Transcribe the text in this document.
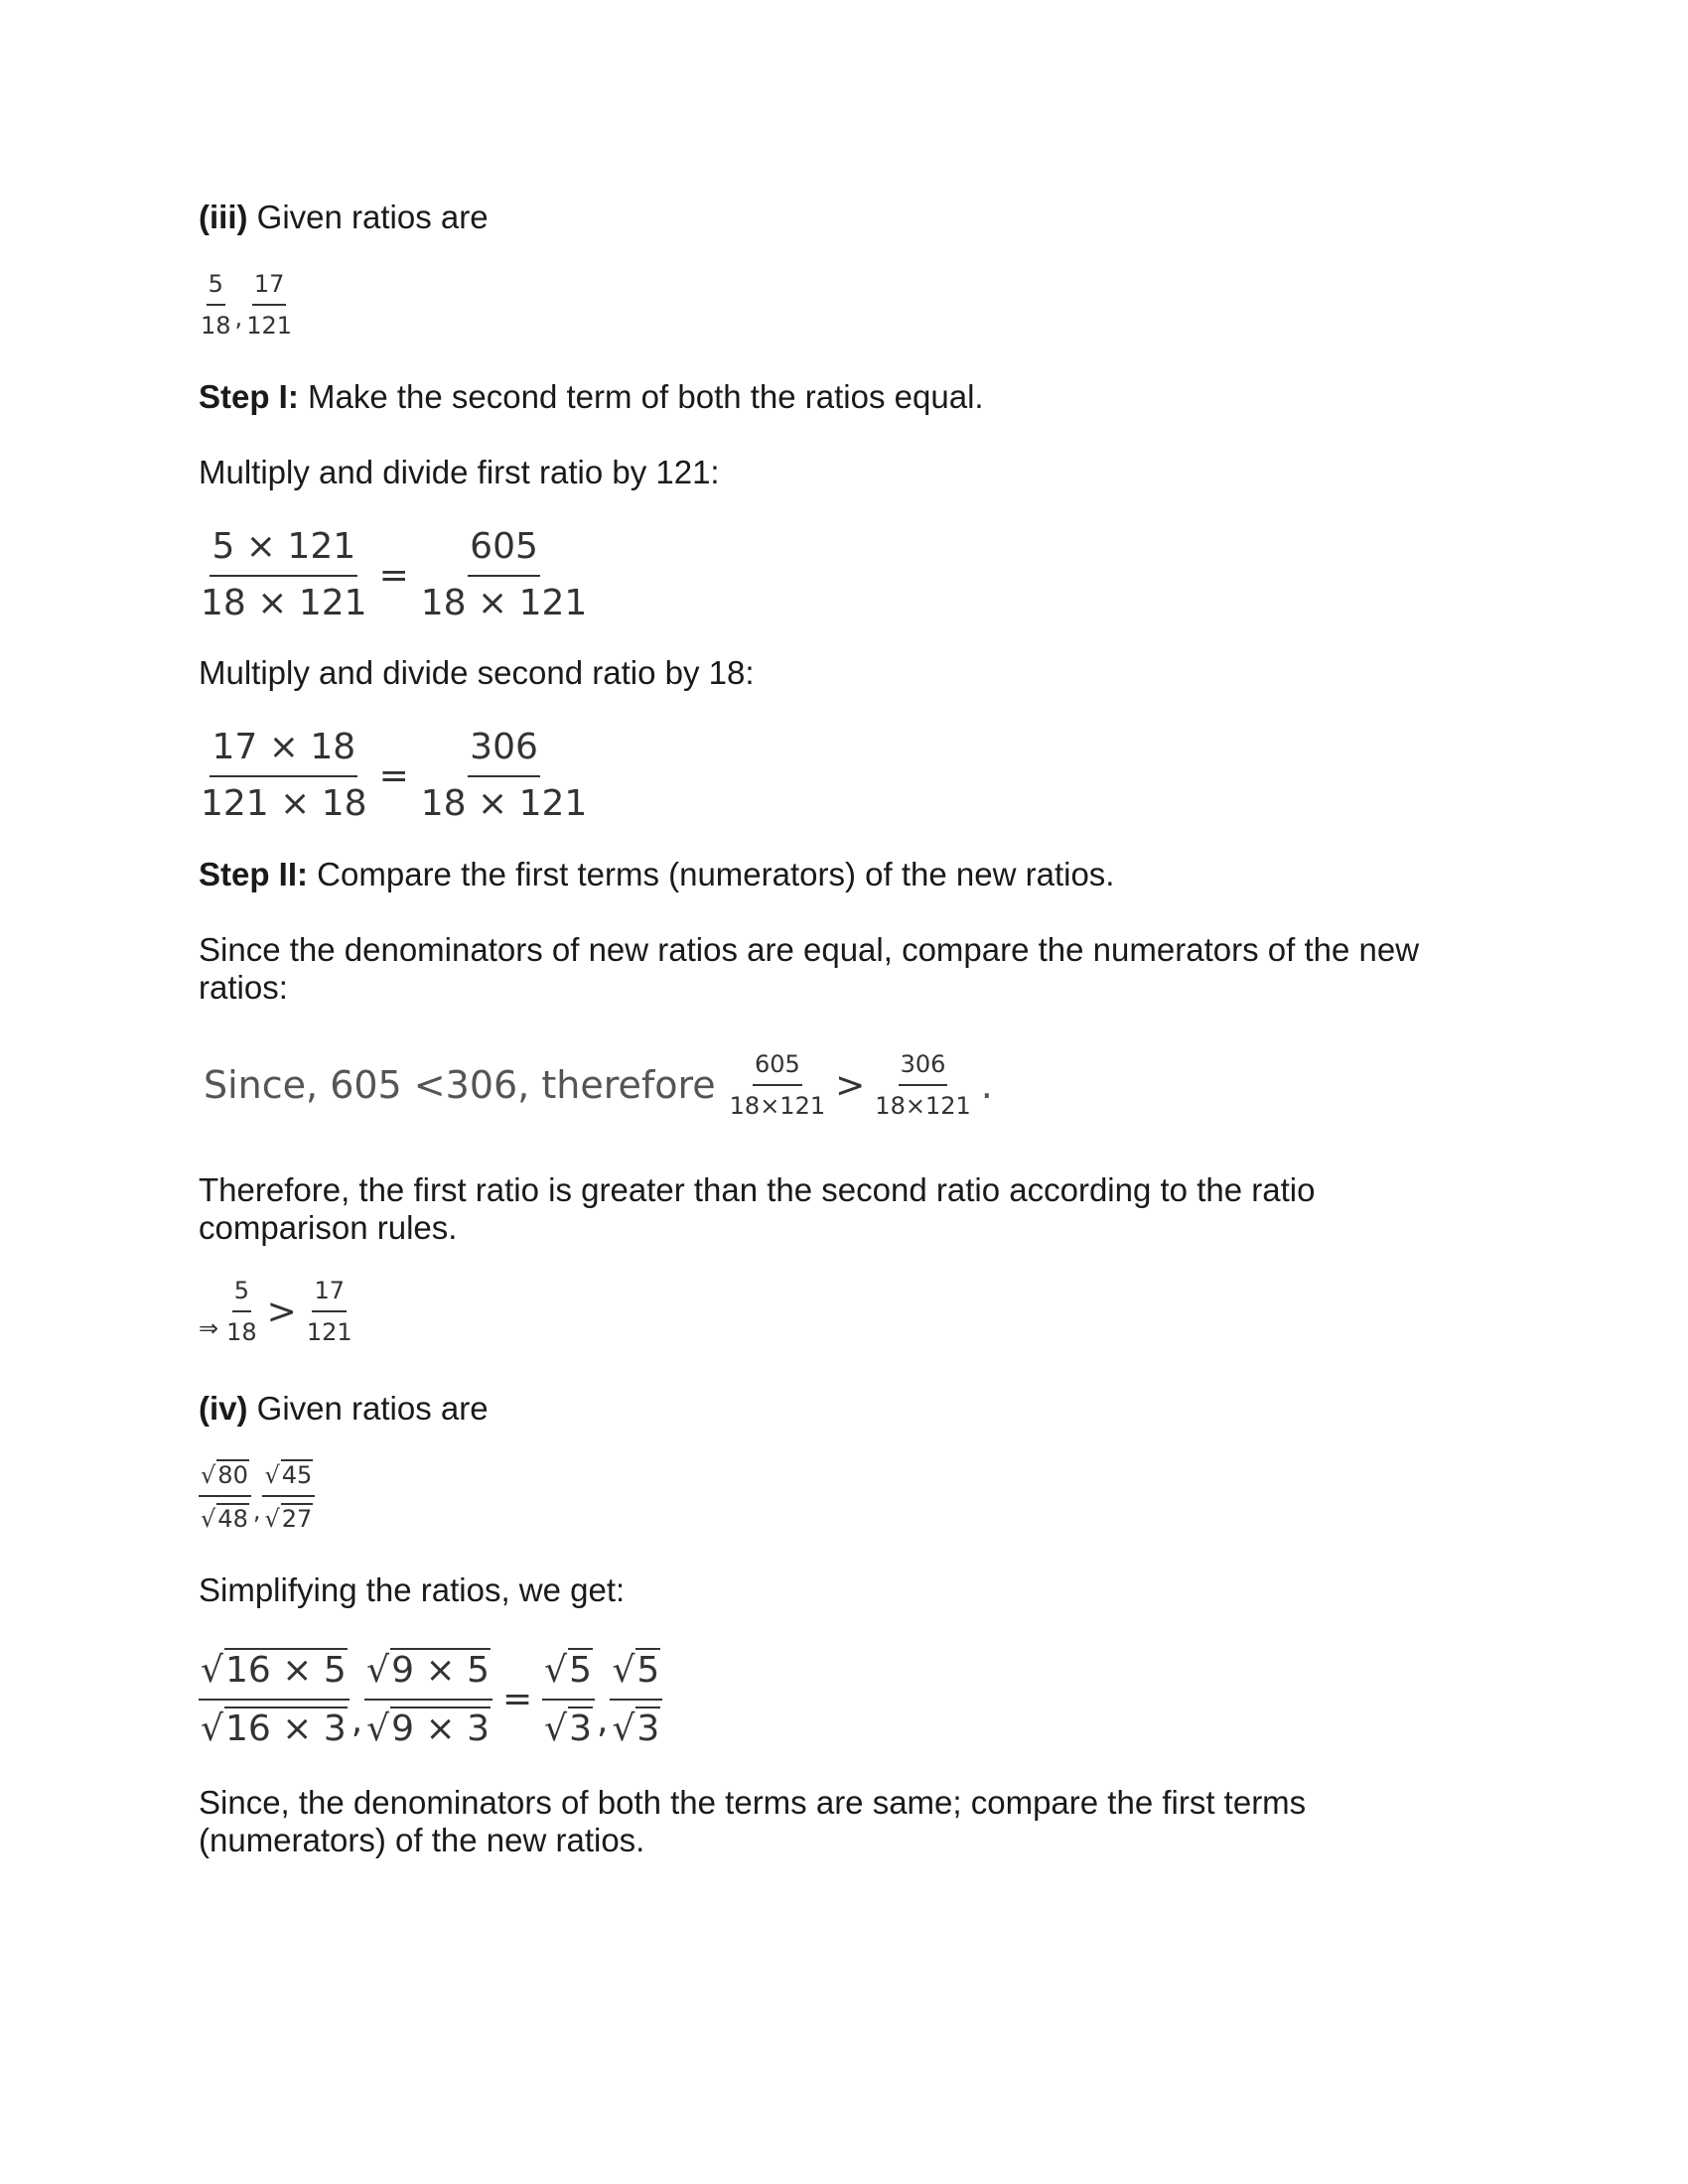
(iii) Given ratios are

$\frac{5}{18}$ , $\frac{17}{121}$

Step I: Make the second term of both the ratios equal.

Multiply and divide first ratio by 121:

$\frac{5 \times 121}{18 \times 121} = \frac{605}{18 \times 121}$

Multiply and divide second ratio by 18:

$\frac{17 \times 18}{121 \times 18} = \frac{306}{18 \times 121}$

Step II: Compare the first terms (numerators) of the new ratios.

Since the denominators of new ratios are equal, compare the numerators of the new ratios:

Since, 605 <306, therefore $\frac{605}{18\times 121} > \frac{306}{18\times 121}$ .

Therefore, the first ratio is greater than the second ratio according to the ratio comparison rules.

⇒ $\frac{5}{18} > \frac{17}{121}$

(iv) Given ratios are

$\frac{√ 80}{√ 48}$ , $\frac{√ 45}{√ 27}$

Simplifying the ratios, we get:

$\frac{√ 16 \times 5}{√ 16 \times 3}$ , $\frac{√ 9 \times 5}{√ 9 \times 3} = \frac{√ 5}{√ 3}$ , $\frac{√ 5}{√ 3}$

Since, the denominators of both the terms are same; compare the first terms (numerators) of the new ratios.
